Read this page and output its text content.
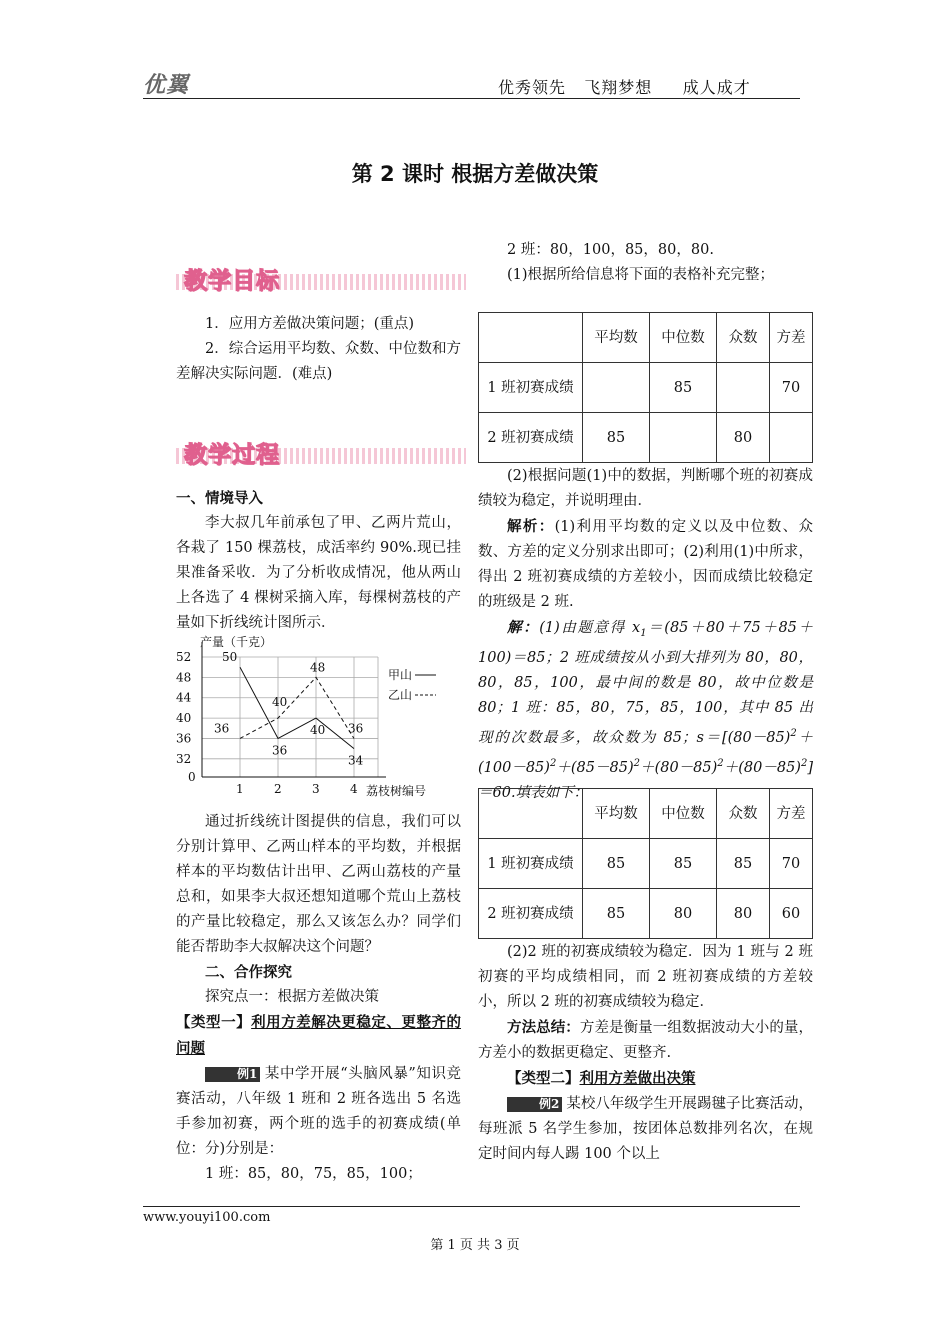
优翼	优秀领先   飞翔梦想     成人成才
第 2 课时 根据方差做决策
教学目标
1．应用方差做决策问题；(重点)
2．综合运用平均数、众数、中位数和方差解决实际问题．(难点)
教学过程
一、情境导入
李大叔几年前承包了甲、乙两片荒山，各栽了 150 棵荔枝，成活率约 90%.现已挂果准备采收．为了分析收成情况，他从两山上各选了 4 棵树采摘入库，每棵树荔枝的产量如下折线统计图所示．
32
36
40
44
48
52
1	2	3	4
0
产量（千克）
荔枝树编号
50
36
40
34
甲山
36
40
48
36
乙山
通过折线统计图提供的信息，我们可以分别计算甲、乙两山样本的平均数，并根据样本的平均数估计出甲、乙两山荔枝的产量总和，如果李大叔还想知道哪个荒山上荔枝的产量比较稳定，那么又该怎么办？同学们能否帮助李大叔解决这个问题？
二、合作探究
探究点一：根据方差做决策
【类型一】利用方差解决更稳定、更整齐的问题
例1 某中学开展“头脑风暴”知识竞赛活动，八年级 1 班和 2 班各选出 5 名选手参加初赛，两个班的选手的初赛成绩(单位：分)分别是：
1 班：85，80，75，85，100；
2 班：80，100，85，80，80.
(1)根据所给信息将下面的表格补充完整；
	平均数	中位数	众数	方差
1 班初赛成绩		85		70
2 班初赛成绩	85		80	
(2)根据问题(1)中的数据，判断哪个班的初赛成绩较为稳定，并说明理由．
解析：(1)利用平均数的定义以及中位数、众数、方差的定义分别求出即可；(2)利用(1)中所求，得出 2 班初赛成绩的方差较小，因而成绩比较稳定的班级是 2 班.
解：(1)由题意得 $x_1=(85+80+75+85+100)=85$；2 班成绩按从小到大排列为 80，80，80，85，100，最中间的数是 80，故中位数是 80；1 班：85，80，75，85，100，其中 85 出现的次数最多，故众数为 85；$s=[(80-85)^2+(100-85)^2+(85-85)^2+(80-85)^2+(80-85)^2]=60$.填表如下：
	平均数	中位数	众数	方差
1 班初赛成绩	85	85	85	70
2 班初赛成绩	85	80	80	60
(2)2 班的初赛成绩较为稳定．因为 1 班与 2 班初赛的平均成绩相同，而 2 班初赛成绩的方差较小，所以 2 班的初赛成绩较为稳定．
方法总结：方差是衡量一组数据波动大小的量，方差小的数据更稳定、更整齐.
【类型二】利用方差做出决策
例2 某校八年级学生开展踢毽子比赛活动，每班派 5 名学生参加，按团体总数排列名次，在规定时间内每人踢 100 个以上
www.youyi100.com
第 1 页 共 3 页
